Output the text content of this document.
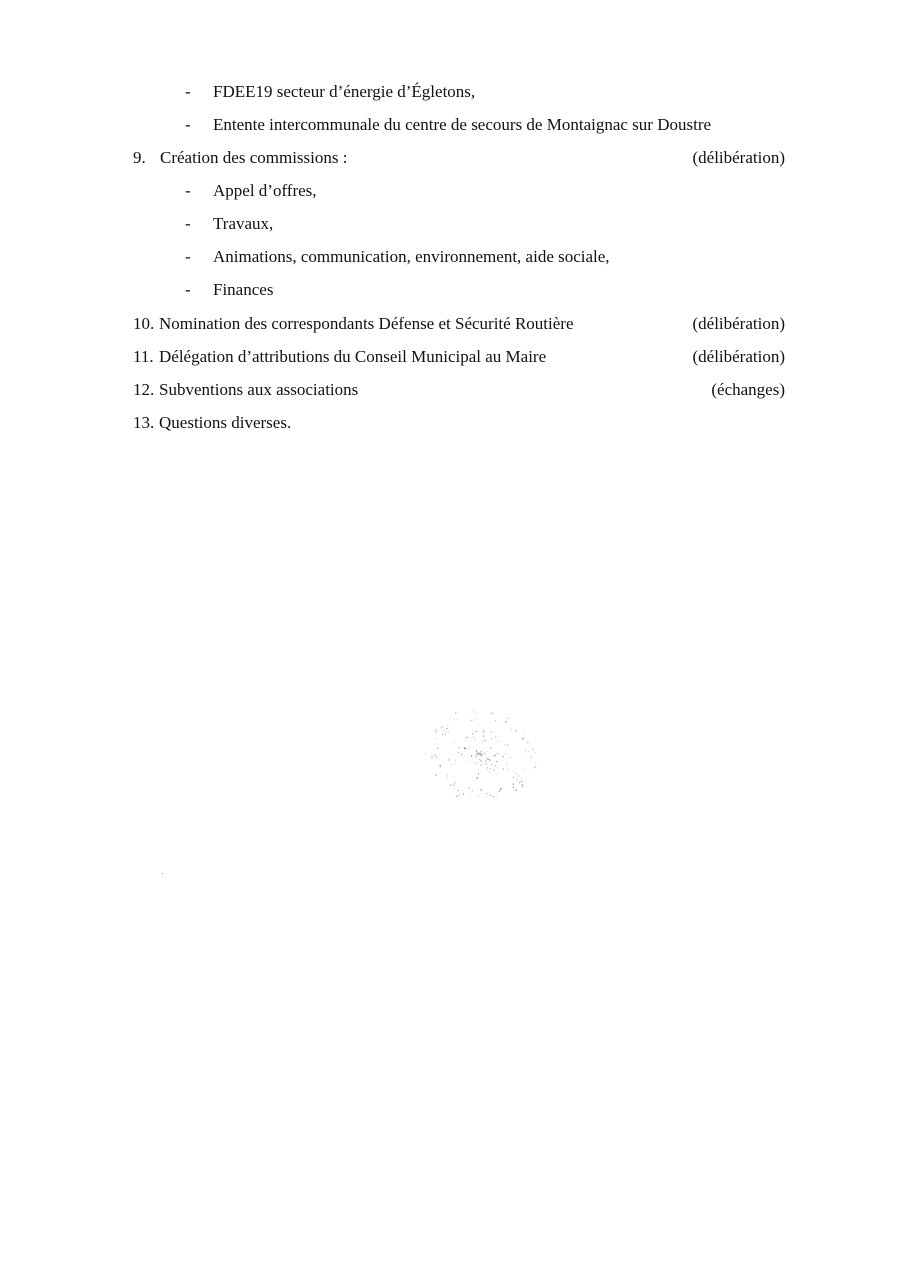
- FDEE19 secteur d’énergie d’Égletons,
- Entente intercommunale du centre de secours de Montaignac sur Doustre
9. Création des commissions :	(délibération)
- Appel d’offres,
- Travaux,
- Animations, communication, environnement, aide sociale,
- Finances
10. Nomination des correspondants Défense et Sécurité Routière	(délibération)
11. Délégation d’attributions du Conseil Municipal au Maire	(délibération)
12. Subventions aux associations	(échanges)
13. Questions diverses.
